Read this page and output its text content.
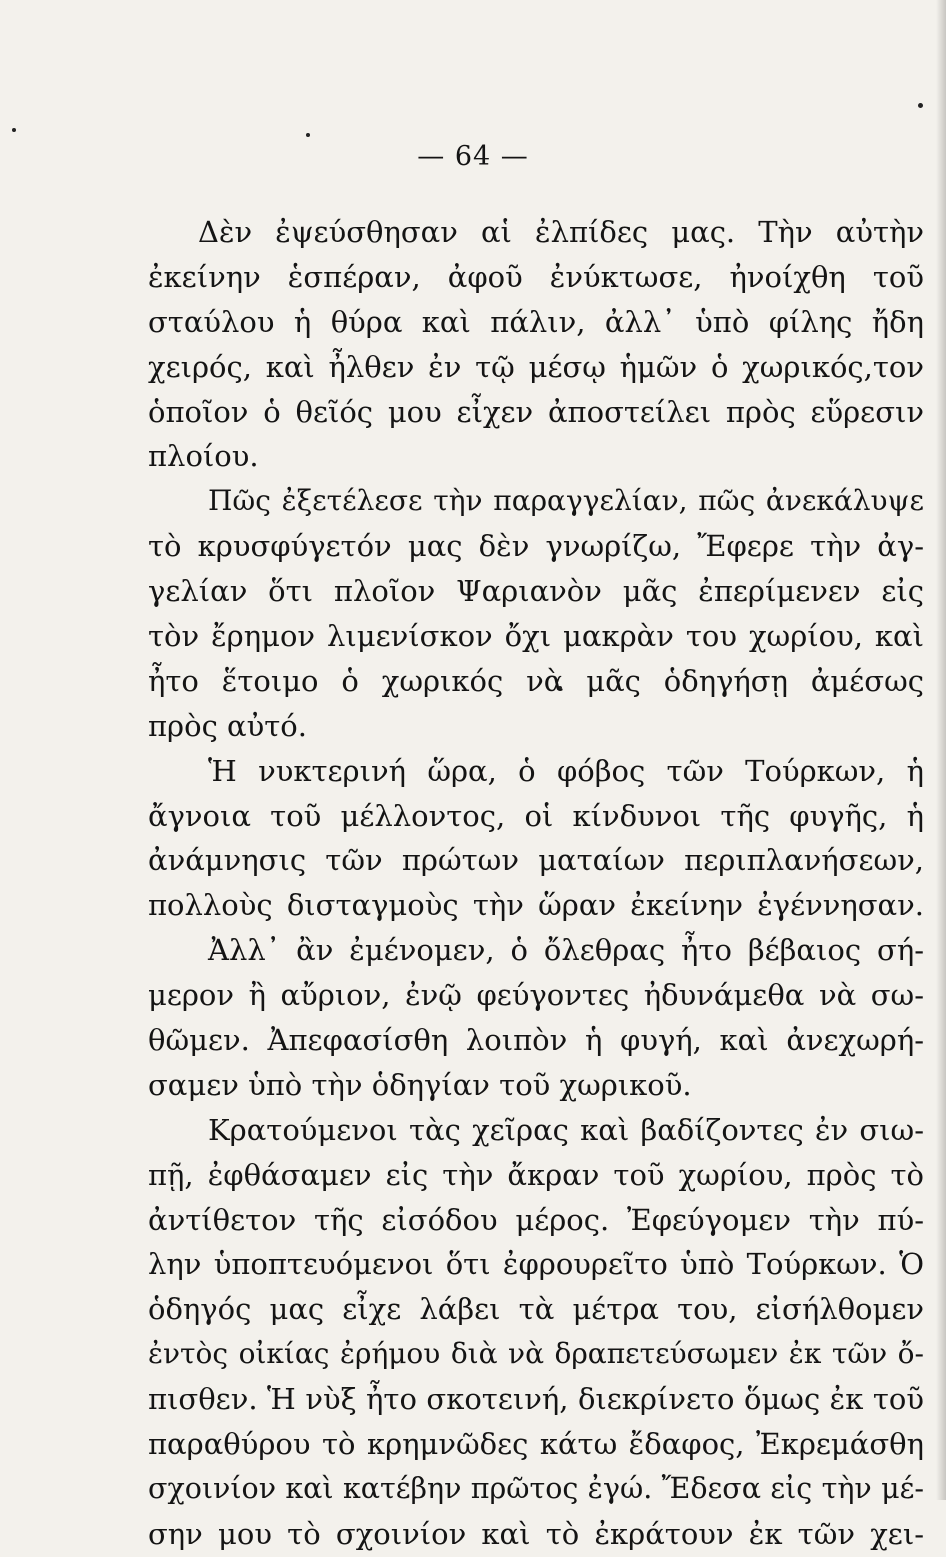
— 64 —
Δὲν ἐψεύσθησαν αἱ ἐλπίδες μας. Τὴν αὐτὴν
ἐκείνην ἑσπέραν, ἀφοῦ ἐνύκτωσε, ἠνοίχθη τοῦ
σταύλου ἡ θύρα καὶ πάλιν, ἀλλ᾽ ὑπὸ φίλης ἤδη
χειρός, καὶ ἦλθεν ἐν τῷ μέσῳ ἡμῶν ὁ χωρικός,τον
ὁποῖον ὁ θεῖός μου εἶχεν ἀποστείλει πρὸς εὕρεσιν
πλοίου.
Πῶς ἐξετέλεσε τὴν παραγγελίαν, πῶς ἀνεκάλυψε
τὸ κρυσφύγετόν μας δὲν γνωρίζω, Ἔφερε τὴν ἀγ-
γελίαν ὅτι πλοῖον Ψαριανὸν μᾶς ἐπερίμενεν εἰς
τὸν ἔρημον λιμενίσκον ὄχι μακρὰν του χωρίου, καὶ
ἦτο ἕτοιμο ὁ χωρικός νὰ μᾶς ὁδηγήσῃ ἀμέσως
πρὸς αὐτό.
Ἡ νυκτερινή ὥρα, ὁ φόβος τῶν Τούρκων, ἡ
ἄγνοια τοῦ μέλλοντος, οἱ κίνδυνοι τῆς φυγῆς, ἡ
ἀνάμνησις τῶν πρώτων ματαίων περιπλανήσεων,
πολλοὺς δισταγμοὺς τὴν ὥραν ἐκείνην ἐγέννησαν.
Ἀλλ᾽ ἂν ἐμένομεν, ὁ ὄλεθρας ἦτο βέβαιος σή-
μερον ἢ αὔριον, ἐνῷ φεύγοντες ἠδυνάμεθα νὰ σω-
θῶμεν. Ἀπεφασίσθη λοιπὸν ἡ φυγή, καὶ ἀνεχωρή-
σαμεν ὑπὸ τὴν ὁδηγίαν τοῦ χωρικοῦ.
Κρατούμενοι τὰς χεῖρας καὶ βαδίζοντες ἐν σιω-
πῇ, ἐφθάσαμεν εἰς τὴν ἄκραν τοῦ χωρίου, πρὸς τὸ
ἀντίθετον τῆς εἰσόδου μέρος. Ἐφεύγομεν τὴν πύ-
λην ὑποπτευόμενοι ὅτι ἐφρουρεῖτο ὑπὸ Τούρκων. Ὁ
ὁδηγός μας εἶχε λάβει τὰ μέτρα του, εἰσήλθομεν
ἐντὸς οἰκίας ἐρήμου διὰ νὰ δραπετεύσωμεν ἐκ τῶν ὄ-
πισθεν. Ἡ νὺξ ἦτο σκοτεινή, διεκρίνετο ὅμως ἐκ τοῦ
παραθύρου τὸ κρημνῶδες κάτω ἔδαφος, Ἐκρεμάσθη
σχοινίον καὶ κατέβην πρῶτος ἐγώ. Ἔδεσα εἰς τὴν μέ-
σην μου τὸ σχοινίον καὶ τὸ ἐκράτουν ἐκ τῶν χει-
